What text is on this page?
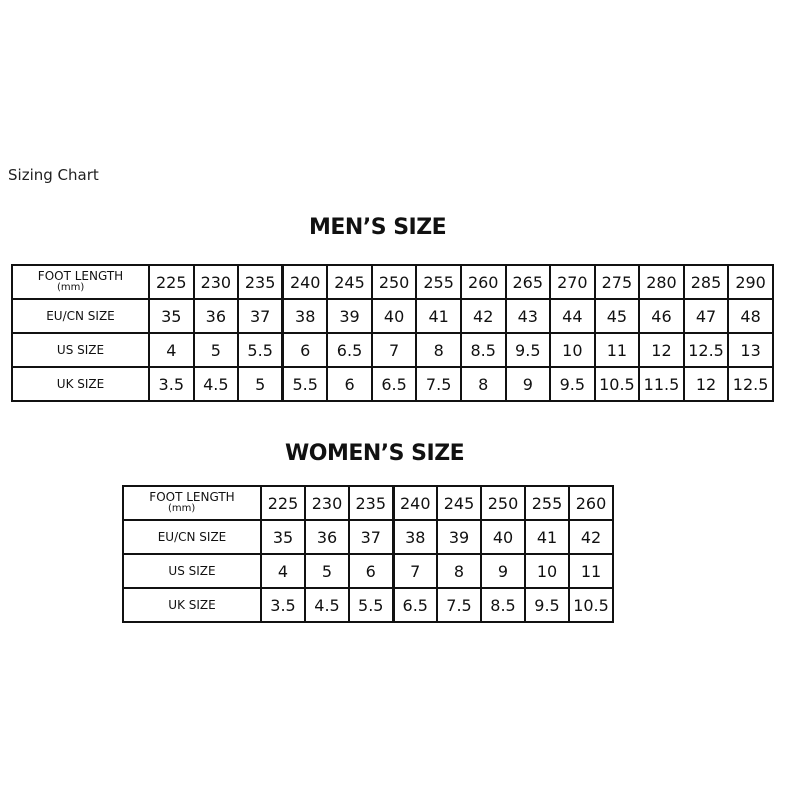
Sizing Chart
MEN’S SIZE
FOOT LENGTH
(mm)	225	230	235	240	245	250	255	260	265	270	275	280	285	290
EU/CN SIZE	35	36	37	38	39	40	41	42	43	44	45	46	47	48
US SIZE	4	5	5.5	6	6.5	7	8	8.5	9.5	10	11	12	12.5	13
UK SIZE	3.5	4.5	5	5.5	6	6.5	7.5	8	9	9.5	10.5	11.5	12	12.5
WOMEN’S SIZE
FOOT LENGTH
(mm)	225	230	235	240	245	250	255	260
EU/CN SIZE	35	36	37	38	39	40	41	42
US SIZE	4	5	6	7	8	9	10	11
UK SIZE	3.5	4.5	5.5	6.5	7.5	8.5	9.5	10.5
